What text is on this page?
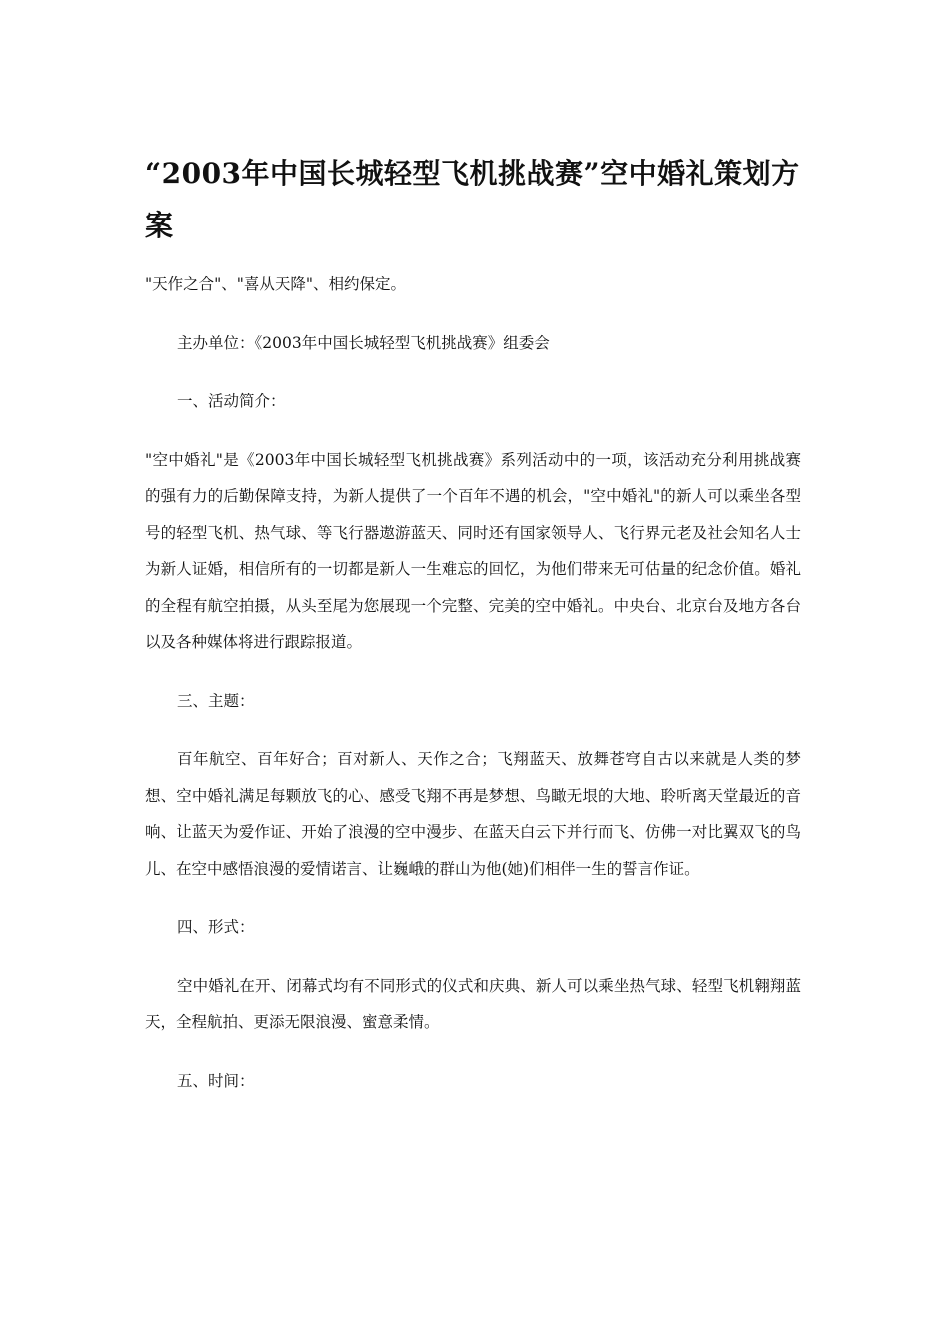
“2003年中国长城轻型飞机挑战赛”空中婚礼策划方案

"天作之合"、"喜从天降"、相约保定。

主办单位：《2003年中国长城轻型飞机挑战赛》组委会

一、活动简介：

"空中婚礼"是《2003年中国长城轻型飞机挑战赛》系列活动中的一项，该活动充分利用挑战赛的强有力的后勤保障支持，为新人提供了一个百年不遇的机会，"空中婚礼"的新人可以乘坐各型号的轻型飞机、热气球、等飞行器遨游蓝天、同时还有国家领导人、飞行界元老及社会知名人士为新人证婚，相信所有的一切都是新人一生难忘的回忆，为他们带来无可估量的纪念价值。婚礼的全程有航空拍摄，从头至尾为您展现一个完整、完美的空中婚礼。中央台、北京台及地方各台以及各种媒体将进行跟踪报道。

三、主题：

百年航空、百年好合；百对新人、天作之合；飞翔蓝天、放舞苍穹自古以来就是人类的梦想、空中婚礼满足每颗放飞的心、感受飞翔不再是梦想、鸟瞰无垠的大地、聆听离天堂最近的音响、让蓝天为爱作证、开始了浪漫的空中漫步、在蓝天白云下并行而飞、仿佛一对比翼双飞的鸟儿、在空中感悟浪漫的爱情诺言、让巍峨的群山为他(她)们相伴一生的誓言作证。

四、形式：

空中婚礼在开、闭幕式均有不同形式的仪式和庆典、新人可以乘坐热气球、轻型飞机翱翔蓝天，全程航拍、更添无限浪漫、蜜意柔情。

五、时间：
